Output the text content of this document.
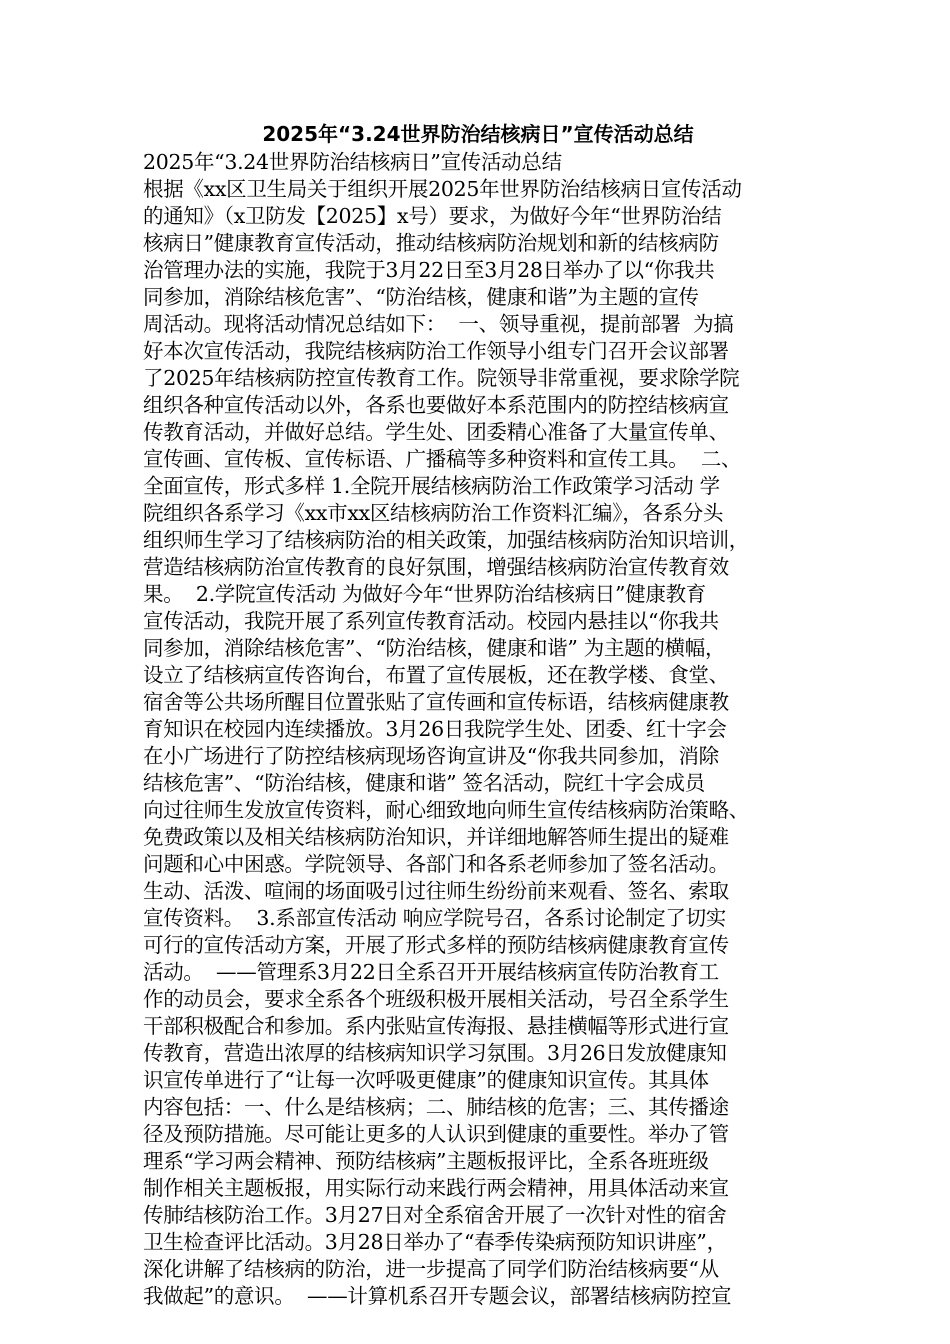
2025年“3.24世界防治结核病日”宣传活动总结
2025年“3.24世界防治结核病日”宣传活动总结
根据《xx区卫生局关于组织开展2025年世界防治结核病日宣传活动
的通知》（x卫防发【2025】x号）要求，为做好今年“世界防治结
核病日”健康教育宣传活动，推动结核病防治规划和新的结核病防
治管理办法的实施，我院于3月22日至3月28日举办了以“你我共
同参加，消除结核危害”、“防治结核，健康和谐”为主题的宣传
周活动。现将活动情况总结如下：  一、领导重视，提前部署  为搞
好本次宣传活动，我院结核病防治工作领导小组专门召开会议部署
了2025年结核病防控宣传教育工作。院领导非常重视，要求除学院
组织各种宣传活动以外，各系也要做好本系范围内的防控结核病宣
传教育活动，并做好总结。学生处、团委精心准备了大量宣传单、
宣传画、宣传板、宣传标语、广播稿等多种资料和宣传工具。  二、
全面宣传，形式多样 1.全院开展结核病防治工作政策学习活动 学
院组织各系学习《xx市xx区结核病防治工作资料汇编》，各系分头
组织师生学习了结核病防治的相关政策，加强结核病防治知识培训，
营造结核病防治宣传教育的良好氛围，增强结核病防治宣传教育效
果。  2.学院宣传活动 为做好今年“世界防治结核病日”健康教育
宣传活动，我院开展了系列宣传教育活动。校园内悬挂以“你我共
同参加，消除结核危害”、“防治结核，健康和谐” 为主题的横幅，
设立了结核病宣传咨询台，布置了宣传展板，还在教学楼、食堂、
宿舍等公共场所醒目位置张贴了宣传画和宣传标语，结核病健康教
育知识在校园内连续播放。3月26日我院学生处、团委、红十字会
在小广场进行了防控结核病现场咨询宣讲及“你我共同参加，消除
结核危害”、“防治结核，健康和谐” 签名活动，院红十字会成员
向过往师生发放宣传资料，耐心细致地向师生宣传结核病防治策略、
免费政策以及相关结核病防治知识，并详细地解答师生提出的疑难
问题和心中困惑。学院领导、各部门和各系老师参加了签名活动。
生动、活泼、喧闹的场面吸引过往师生纷纷前来观看、签名、索取
宣传资料。  3.系部宣传活动 响应学院号召，各系讨论制定了切实
可行的宣传活动方案，开展了形式多样的预防结核病健康教育宣传
活动。  ——管理系3月22日全系召开开展结核病宣传防治教育工
作的动员会，要求全系各个班级积极开展相关活动，号召全系学生
干部积极配合和参加。系内张贴宣传海报、悬挂横幅等形式进行宣
传教育，营造出浓厚的结核病知识学习氛围。3月26日发放健康知
识宣传单进行了“让每一次呼吸更健康”的健康知识宣传。其具体
内容包括：一、什么是结核病；二、肺结核的危害；三、其传播途
径及预防措施。尽可能让更多的人认识到健康的重要性。举办了管
理系“学习两会精神、预防结核病”主题板报评比，全系各班班级
制作相关主题板报，用实际行动来践行两会精神，用具体活动来宣
传肺结核防治工作。3月27日对全系宿舍开展了一次针对性的宿舍
卫生检查评比活动。3月28日举办了“春季传染病预防知识讲座”，
深化讲解了结核病的防治，进一步提高了同学们防治结核病要“从
我做起”的意识。  ——计算机系召开专题会议，部署结核病防控宣
